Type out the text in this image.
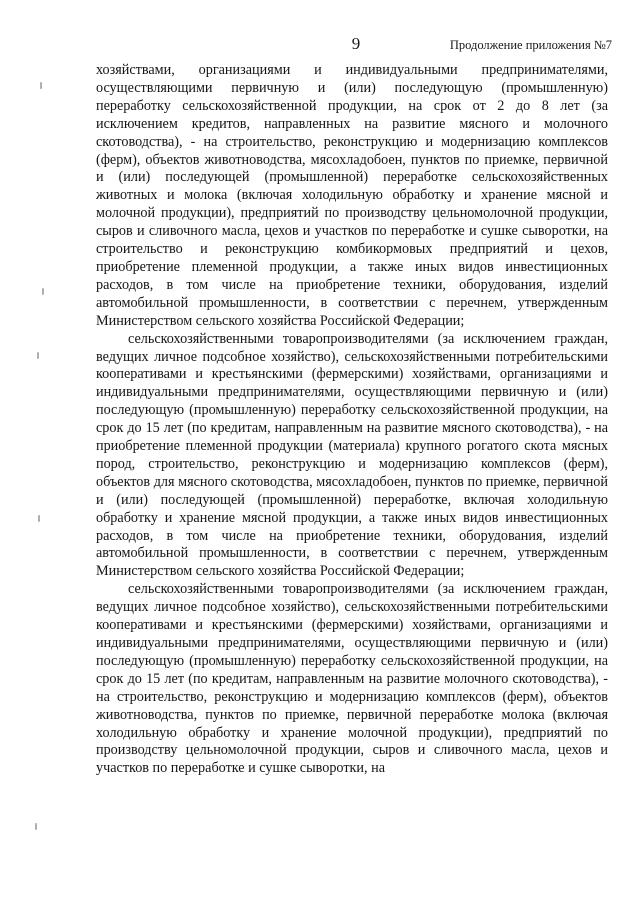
9	Продолжение приложения №7

хозяйствами, организациями и индивидуальными предпринимателями, осуществляющими первичную и (или) последующую (промышленную) переработку сельскохозяйственной продукции, на срок от 2 до 8 лет (за исключением кредитов, направленных на развитие мясного и молочного скотоводства), - на строительство, реконструкцию и модернизацию комплексов (ферм), объектов животноводства, мясохладобоен, пунктов по приемке, первичной и (или) последующей (промышленной) переработке сельскохозяйственных животных и молока (включая холодильную обработку и хранение мясной и молочной продукции), предприятий по производству цельномолочной продукции, сыров и сливочного масла, цехов и участков по переработке и сушке сыворотки, на строительство и реконструкцию комбикормовых предприятий и цехов, приобретение племенной продукции, а также иных видов инвестиционных расходов, в том числе на приобретение техники, оборудования, изделий автомобильной промышленности, в соответствии с перечнем, утвержденным Министерством сельского хозяйства Российской Федерации;

сельскохозяйственными товаропроизводителями (за исключением граждан, ведущих личное подсобное хозяйство), сельскохозяйственными потребительскими кооперативами и крестьянскими (фермерскими) хозяйствами, организациями и индивидуальными предпринимателями, осуществляющими первичную и (или) последующую (промышленную) переработку сельскохозяйственной продукции, на срок до 15 лет (по кредитам, направленным на развитие мясного скотоводства), - на приобретение племенной продукции (материала) крупного рогатого скота мясных пород, строительство, реконструкцию и модернизацию комплексов (ферм), объектов для мясного скотоводства, мясохладобоен, пунктов по приемке, первичной и (или) последующей (промышленной) переработке, включая холодильную обработку и хранение мясной продукции, а также иных видов инвестиционных расходов, в том числе на приобретение техники, оборудования, изделий автомобильной промышленности, в соответствии с перечнем, утвержденным Министерством сельского хозяйства Российской Федерации;

сельскохозяйственными товаропроизводителями (за исключением граждан, ведущих личное подсобное хозяйство), сельскохозяйственными потребительскими кооперативами и крестьянскими (фермерскими) хозяйствами, организациями и индивидуальными предпринимателями, осуществляющими первичную и (или) последующую (промышленную) переработку сельскохозяйственной продукции, на срок до 15 лет (по кредитам, направленным на развитие молочного скотоводства), - на строительство, реконструкцию и модернизацию комплексов (ферм), объектов животноводства, пунктов по приемке, первичной переработке молока (включая холодильную обработку и хранение молочной продукции), предприятий по производству цельномолочной продукции, сыров и сливочного масла, цехов и участков по переработке и сушке сыворотки, на
